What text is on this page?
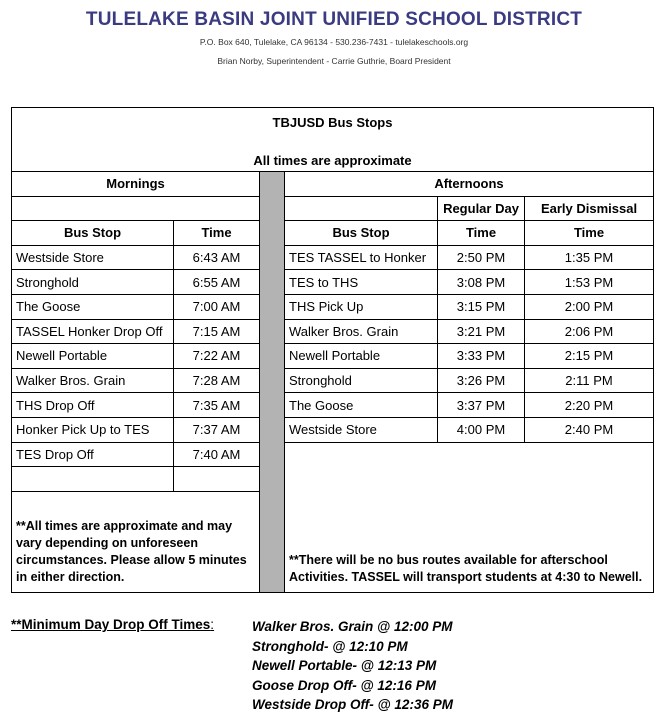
TULELAKE BASIN JOINT UNIFIED SCHOOL DISTRICT
P.O. Box 640, Tulelake, CA 96134 - 530.236-7431 - tulelakeschools.org
Brian Norby, Superintendent - Carrie Guthrie, Board President
TBJUSD Bus Stops					
All times are approximate					
Mornings			Afternoons		
				Regular Day	Early Dismissal
Bus Stop	Time		Bus Stop	Time	Time
Westside Store	6:43 AM		TES TASSEL to Honker	2:50 PM	1:35 PM
Stronghold	6:55 AM		TES to THS	3:08 PM	1:53 PM
The Goose	7:00 AM		THS Pick Up	3:15 PM	2:00 PM
TASSEL Honker Drop Off	7:15 AM		Walker Bros. Grain	3:21 PM	2:06 PM
Newell Portable	7:22 AM		Newell Portable	3:33 PM	2:15 PM
Walker Bros. Grain	7:28 AM		Stronghold	3:26 PM	2:11 PM
THS Drop Off	7:35 AM		The Goose	3:37 PM	2:20 PM
Honker Pick Up to TES	7:37 AM		Westside Store	4:00 PM	2:40 PM
TES Drop Off	7:40 AM		**There will be no bus routes available for afterschool Activities. TASSEL will transport students at 4:30 to Newell.		

**All times are approximate and may vary depending on unforeseen circumstances. Please allow 5 minutes in either direction.					

**Minimum Day Drop Off Times:	Walker Bros. Grain @ 12:00 PM
Stronghold- @ 12:10 PM
Newell Portable- @ 12:13 PM
Goose Drop Off- @ 12:16 PM
Westside Drop Off- @ 12:36 PM
